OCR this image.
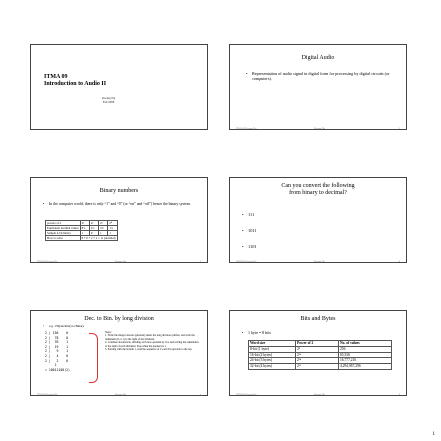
ITMA 09
Introduction to Audio II
Kwang Ng
Fall 2008
Digital Audio
• Representation of audio signal in digital form for processing by digital circuits (or computers).
ITMA09 Kwang Ng	Kwang Ng	2
Binary numbers
• In the computer world, there is only “1” and “0” (or “on” and “off”) hence the binary system.
powers of 2	2³	2²	2¹	2⁰
Equivalent decimal values	8’s	4’s	2’s	1’s
Sample 4-bit binary	1	0	1	1
How to solve	8 + 0 + 2 + 1 = 11 (decimal)			
ITMA09 Kwang Ng	Kwang Ng	3
Can you convert the following
from binary to decimal?
• 111
• 1011
• 1101
ITMA09 Kwang Ng	Kwang Ng	4
Dec. to Bin. by long division
• e.g. 156(decimal) to Binary
2 | 156    0
2 |  78    0
2 |  39    1
2 |  19    1
2 |   9    1
2 |   4    0
2 |   2    0
1
= 10011100(2)
Steps:
1. Write the integer answer (quotient) under the long division symbol, and write the remainder (0 or 1) to the right of the dividend.
2. Continue downwards, dividing each new quotient by two and writing the remainders to the right of each dividend. Stop when the quotient is 1.
3. Starting with the bottom 1, read the sequence of 1's and 0's upwards to the top.
ITMA09 Kwang Ng	Kwang Ng	5
Bits and Bytes
• 1 byte = 8 bits
Word size	Power of 2	No. of values
8-bit (1 byte)	2⁸	256
16-bit (2 bytes)	2¹⁶	65,536
24-bit (3 bytes)	2²⁴	16,777,216
32-bit (4 bytes)	2³²	4,294,967,296
ITMA09 Kwang Ng	Kwang Ng	6
1
